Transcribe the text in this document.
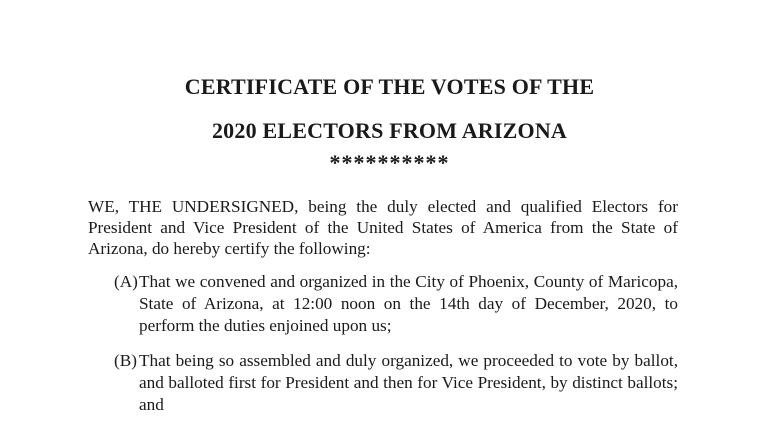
CERTIFICATE OF THE VOTES OF THE
2020 ELECTORS FROM ARIZONA
**********
WE, THE UNDERSIGNED, being the duly elected and qualified Electors for President and Vice President of the United States of America from the State of Arizona, do hereby certify the following:
(A) That we convened and organized in the City of Phoenix, County of Maricopa, State of Arizona, at 12:00 noon on the 14th day of December, 2020, to perform the duties enjoined upon us;
(B) That being so assembled and duly organized, we proceeded to vote by ballot, and balloted first for President and then for Vice President, by distinct ballots; and
